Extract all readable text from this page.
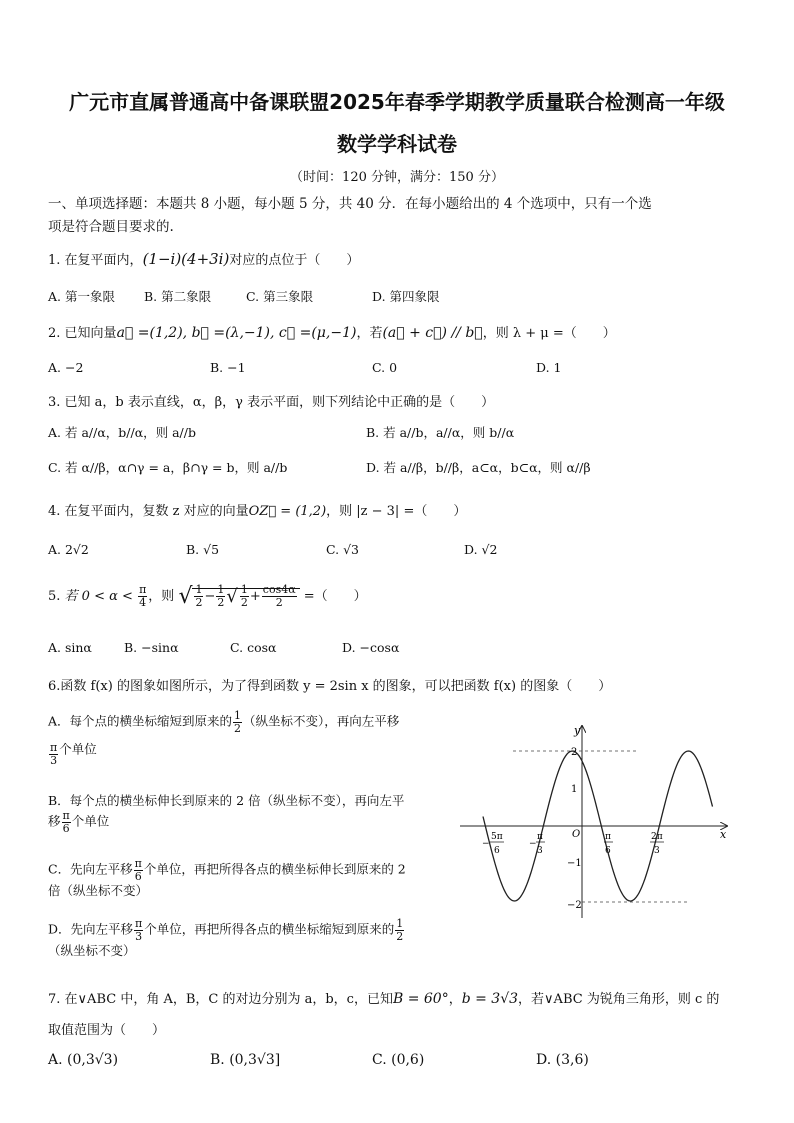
广元市直属普通高中备课联盟2025年春季学期教学质量联合检测高一年级
数学学科试卷
（时间：120 分钟，满分：150 分）
一、单项选择题：本题共 8 小题，每小题 5 分，共 40 分．在每小题给出的 4 个选项中，只有一个选
项是符合题目要求的.
1. 在复平面内，(1−i)(4+3i)对应的点位于（　　）
A. 第一象限 B. 第二象限	C. 第三象限	D. 第四象限
2. 已知向量a⃗ =(1,2), b⃗ =(λ,−1), c⃗ =(μ,−1)，若(a⃗ + c⃗) // b⃗，则 λ + μ =（　　）
A. −2	B. −1	C. 0	D. 1
3. 已知 a，b 表示直线，α，β，γ 表示平面，则下列结论中正确的是（　　）
A. 若 a//α，b//α，则 a//b	B. 若 a//b，a//α，则 b//α
C. 若 α//β，α∩γ = a，β∩γ = b，则 a//b	D. 若 a//β，b//β，a⊂α，b⊂α，则 α//β
4. 在复平面内，复数 z 对应的向量OZ⃗ = (1,2)，则 |z − 3| =（　　）
A. 2√2	B. √5	C. √3	D. √2
5. 若 $0 < \alpha < \frac{\pi}{4}$ ，则 √ $\frac{1}{2} - \frac{1}{2}$ √ $\frac{1}{2} + \frac{\cos 4\alpha}{2}$ =（　　）
A. sinα	B. −sinα	C. cosα	D. −cosα
6.函数 f(x) 的图象如图所示，为了得到函数 y = 2sin x 的图象，可以把函数 f(x) 的图象（　　）
A．每个点的横坐标缩短到原来的 $\frac{1}{2}$ （纵坐标不变），再向左平移

$\frac{\pi}{3}$ 个单位
B．每个点的横坐标伸长到原来的 2 倍（纵坐标不变），再向左平
移 $\frac{\pi}{6}$ 个单位
C．先向左平移 $\frac{\pi}{6}$ 个单位，再把所得各点的横坐标伸长到原来的 2
倍（纵坐标不变）
D．先向左平移 $\frac{\pi}{3}$ 个单位，再把所得各点的横坐标缩短到原来的 $\frac{1}{2}$

（纵坐标不变）
x
y
O
2
1
−1
−2
−
5π
6
−
π
3
π
6
2π
3
7. 在∨ABC 中，角 A，B，C 的对边分别为 a，b，c，已知B = 60°，b = 3√3，若∨ABC 为锐角三角形，则 c 的
取值范围为（　　）
A. (0,3√3)	B. (0,3√3]	C. (0,6)	D. (3,6)
